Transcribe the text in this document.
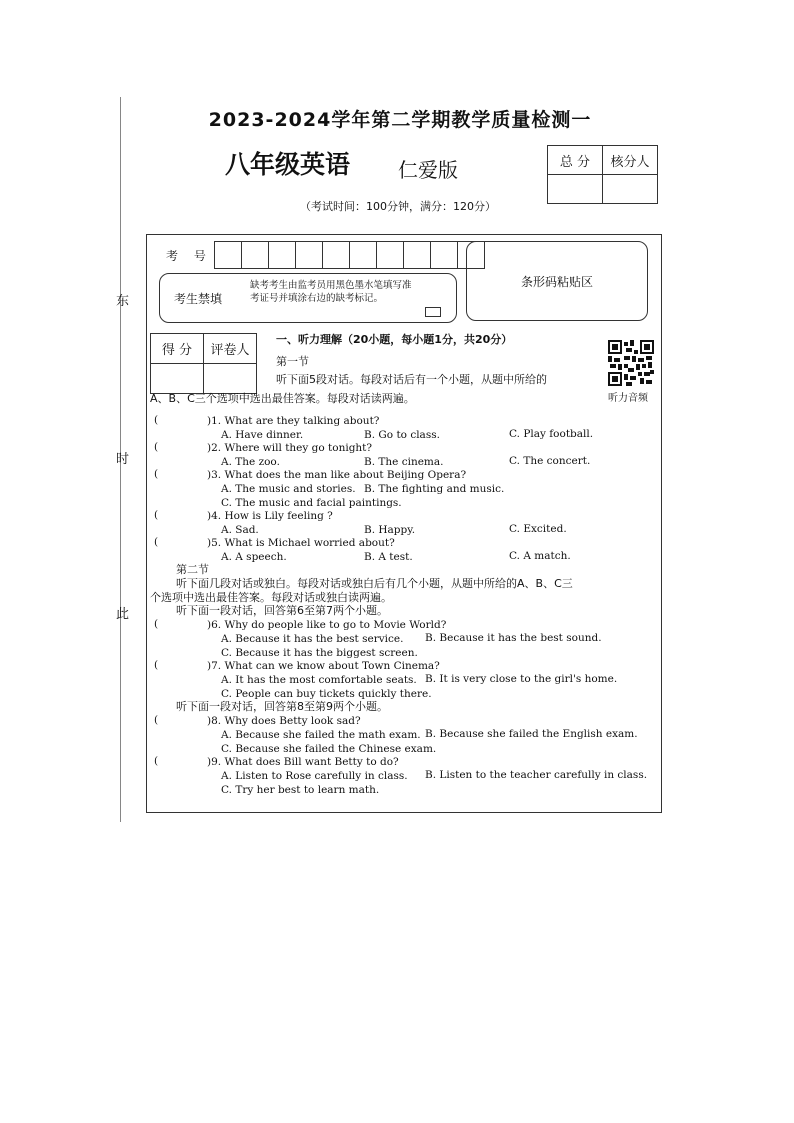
东
时
此
2023-2024学年第二学期教学质量检测一
八年级英语 仁爱版
（考试时间：100分钟，满分：120分）
总 分	核分人

考 号
考生禁填
缺考考生由监考员用黑色墨水笔填写准考证号并填涂右边的缺考标记。
条形码粘贴区
得 分	评卷人

听力音频
一、听力理解（20小题，每小题1分，共20分）
第一节
听下面5段对话。每段对话后有一个小题，从题中所给的
A、B、C三个选项中选出最佳答案。每段对话读两遍。
(	)1. What are they talking about?
A. Have dinner.	B. Go to class.	C. Play football.
(	)2. Where will they go tonight?
A. The zoo.	B. The cinema.	C. The concert.
(	)3. What does the man like about Beijing Opera?
A. The music and stories. B. The fighting and music.
C. The music and facial paintings.
(	)4. How is Lily feeling ?
A. Sad.	B. Happy.	C. Excited.
(	)5. What is Michael worried about?
A. A speech.	B. A test.	C. A match.
第二节
听下面几段对话或独白。每段对话或独白后有几个小题，从题中所给的A、B、C三
个选项中选出最佳答案。每段对话或独白读两遍。
听下面一段对话，回答第6至第7两个小题。
(	)6. Why do people like to go to Movie World?
A. Because it has the best service. B. Because it has the best sound.
C. Because it has the biggest screen.
(	)7. What can we know about Town Cinema?
A. It has the most comfortable seats. B. It is very close to the girl's home.
C. People can buy tickets quickly there.
听下面一段对话，回答第8至第9两个小题。
(	)8. Why does Betty look sad?
A. Because she failed the math exam. B. Because she failed the English exam.
C. Because she failed the Chinese exam.
(	)9. What does Bill want Betty to do?
A. Listen to Rose carefully in class. B. Listen to the teacher carefully in class.
C. Try her best to learn math.
